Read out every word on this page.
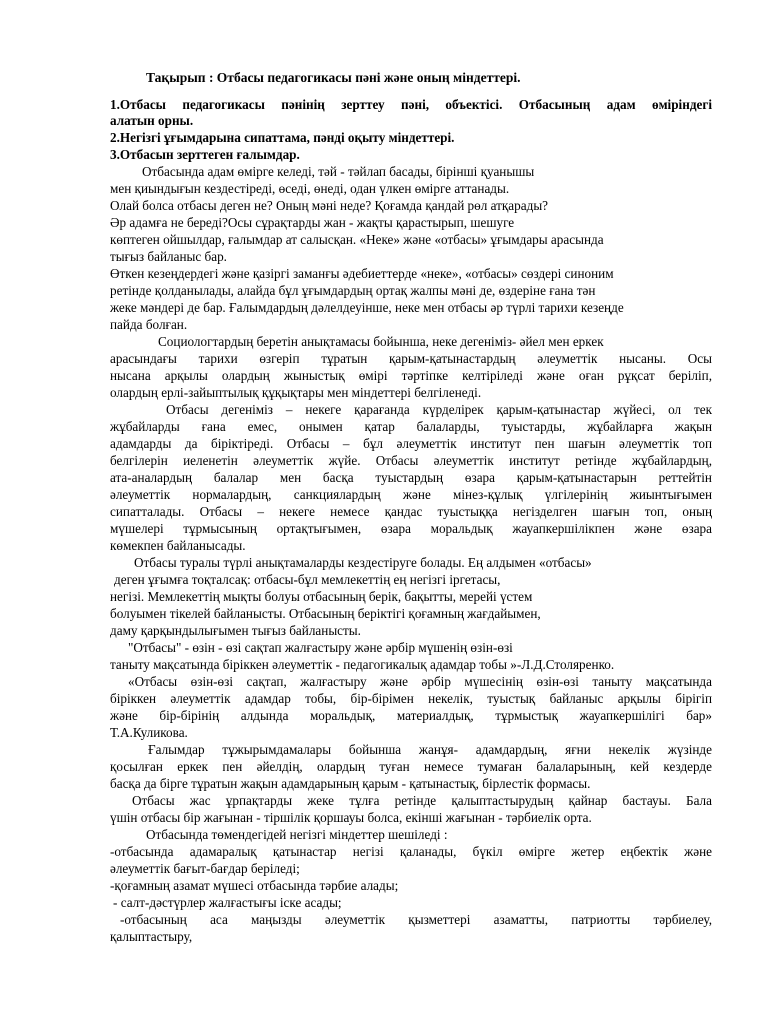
Тақырып : Отбасы педагогикасы пәні және оның міндеттері.
1.Отбасы педагогикасы пәнінің зерттеу пәні, объектісі. Отбасының адам өміріндегі
алатын орны.
2.Негізгі ұғымдарына сипаттама, пәнді оқыту міндеттері.
3.Отбасын зерттеген ғалымдар.
Отбасында адам өмірге келеді, тәй - тәйлап басады, бірінші қуанышы
мен қиындығын кездестіреді, өседі, өнеді, одан үлкен өмірге аттанады.
Олай болса отбасы деген не? Оның мәні неде? Қоғамда қандай рөл атқарады?
Әр адамға не береді?Осы сұрақтарды жан - жақты қарастырып, шешуге
көптеген ойшылдар, ғалымдар ат салысқан. «Неке» және «отбасы» ұғымдары арасында
тығыз байланыс бар.
Өткен кезеңдердегі және қазіргі заманғы әдебиеттерде «неке», «отбасы» сөздері синоним
ретінде қолданылады, алайда бұл ұғымдардың ортақ жалпы мәні де, өздеріне ғана тән
жеке мәндері де бар. Ғалымдардың дәлелдеуінше, неке мен отбасы әр түрлі тарихи кезеңде
пайда болған.
Социологтардың беретін анықтамасы бойынша, неке дегеніміз- әйел мен еркек
арасындағы тарихи өзгеріп тұратын қарым-қатынастардың әлеуметтік нысаны. Осы
нысана арқылы олардың жыныстық өмірі тәртіпке келтіріледі және оған рұқсат беріліп,
олардың ерлі-зайыптылық құқықтары мен міндеттері белгіленеді.
Отбасы дегеніміз – некеге қарағанда күрделірек қарым-қатынастар жүйесі, ол тек
жұбайларды ғана емес, онымен қатар балаларды, туыстарды, жұбайларға жақын
адамдарды да біріктіреді. Отбасы – бұл әлеуметтік институт пен шағын әлеуметтік топ
белгілерін иеленетін әлеуметтік жүйе. Отбасы әлеуметтік институт ретінде жұбайлардың,
ата-аналардың балалар мен басқа туыстардың өзара қарым-қатынастарын реттейтін
әлеуметтік нормалардың, санкциялардың және мінез-құлық үлгілерінің жиынтығымен
сипатталады. Отбасы – некеге немесе қандас туыстыққа негізделген шағын топ, оның
мүшелері тұрмысының ортақтығымен, өзара моральдық жауапкершілікпен және өзара
көмекпен байланысады.
Отбасы туралы түрлі анықтамаларды кездестіруге болады. Ең алдымен «отбасы»
деген ұғымға тоқталсақ: отбасы-бұл мемлекеттің ең негізгі іргетасы,
негізі. Мемлекеттің мықты болуы отбасының берік, бақытты, мерейі үстем
болуымен тікелей байланысты. Отбасының беріктігі қоғамның жағдайымен,
даму қарқындылығымен тығыз байланысты.
"Отбасы" - өзін - өзі сақтап жалғастыру және әрбір мүшенің өзін-өзі
таныту мақсатында біріккен әлеуметтік - педагогикалық адамдар тобы »-Л.Д.Столяренко.
«Отбасы өзін-өзі сақтап, жалғастыру және әрбір мүшесінің өзін-өзі таныту мақсатында
біріккен әлеуметтік адамдар тобы, бір-бірімен некелік, туыстық байланыс арқылы бірігіп
және бір-бірінің алдында моральдық, материалдық, тұрмыстық жауапкершілігі бар»
Т.А.Куликова.
Ғалымдар тұжырымдамалары бойынша жанұя- адамдардың, яғни некелік жүзінде
қосылған еркек пен әйелдің, олардың туған немесе тумаған балаларының, кей кездерде
басқа да бірге тұратын жақын адамдарының қарым - қатынастық, бірлестік формасы.
Отбасы жас ұрпақтарды жеке тұлға ретінде қалыптастырудың қайнар бастауы. Бала
үшін отбасы бір жағынан - тіршілік қоршауы болса, екінші жағынан - тәрбиелік орта.
Отбасында төмендегідей негізгі міндеттер шешіледі :
-отбасында адамаралық қатынастар негізі қаланады, бүкіл өмірге жетер еңбектік және
әлеуметтік бағыт-бағдар беріледі;
-қоғамның азамат мүшесі отбасында тәрбие алады;
- салт-дәстүрлер жалғастығы іске асады;
-отбасының аса маңызды әлеуметтік қызметтері азаматты, патриотты тәрбиелеу,
қалыптастыру,
